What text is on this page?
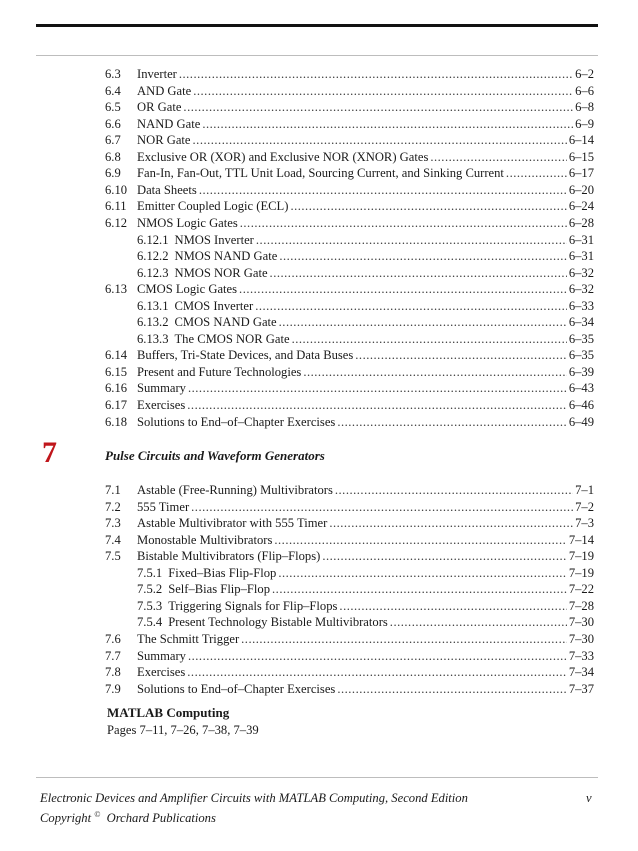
6.3	Inverter .....	6–2
6.4	AND Gate .....	6–6
6.5	OR Gate .....	6–8
6.6	NAND Gate .....	6–9
6.7	NOR Gate .....	6–14
6.8	Exclusive OR (XOR) and Exclusive NOR (XNOR) Gates .....	6–15
6.9	Fan-In, Fan-Out, TTL Unit Load, Sourcing Current, and Sinking Current .....	6–17
6.10 Data Sheets .....	6–20
6.11 Emitter Coupled Logic (ECL) .....	6–24
6.12 NMOS Logic Gates .....	6–28
6.12.1 NMOS Inverter .....	6–31
6.12.2 NMOS NAND Gate .....	6–31
6.12.3 NMOS NOR Gate .....	6–32
6.13 CMOS Logic Gates .....	6–32
6.13.1 CMOS Inverter .....	6–33
6.13.2 CMOS NAND Gate .....	6–34
6.13.3 The CMOS NOR Gate .....	6–35
6.14 Buffers, Tri-State Devices, and Data Buses .....	6–35
6.15 Present and Future Technologies .....	6–39
6.16 Summary .....	6–43
6.17 Exercises .....	6–46
6.18 Solutions to End–of–Chapter Exercises .....	6–49
7.1	Astable (Free-Running) Multivibrators .....	7–1
7.2	555 Timer .....	7–2
7.3	Astable Multivibrator with 555 Timer .....	7–3
7.4	Monostable Multivibrators .....	7–14
7.5	Bistable Multivibrators (Flip–Flops) .....	7–19
7.5.1 Fixed–Bias Flip-Flop .....	7–19
7.5.2 Self–Bias Flip–Flop .....	7–22
7.5.3 Triggering Signals for Flip–Flops .....	7–28
7.5.4 Present Technology Bistable Multivibrators .....	7–30
7.6	The Schmitt Trigger .....	7–30
7.7	Summary .....	7–33
7.8	Exercises .....	7–34
7.9	Solutions to End–of–Chapter Exercises .....	7–37
7	Pulse Circuits and Waveform Generators
MATLAB Computing
Pages 7–11, 7–26, 7–38, 7–39
Electronic Devices and Amplifier Circuits with MATLAB Computing, Second Edition	v
Copyright © Orchard Publications
